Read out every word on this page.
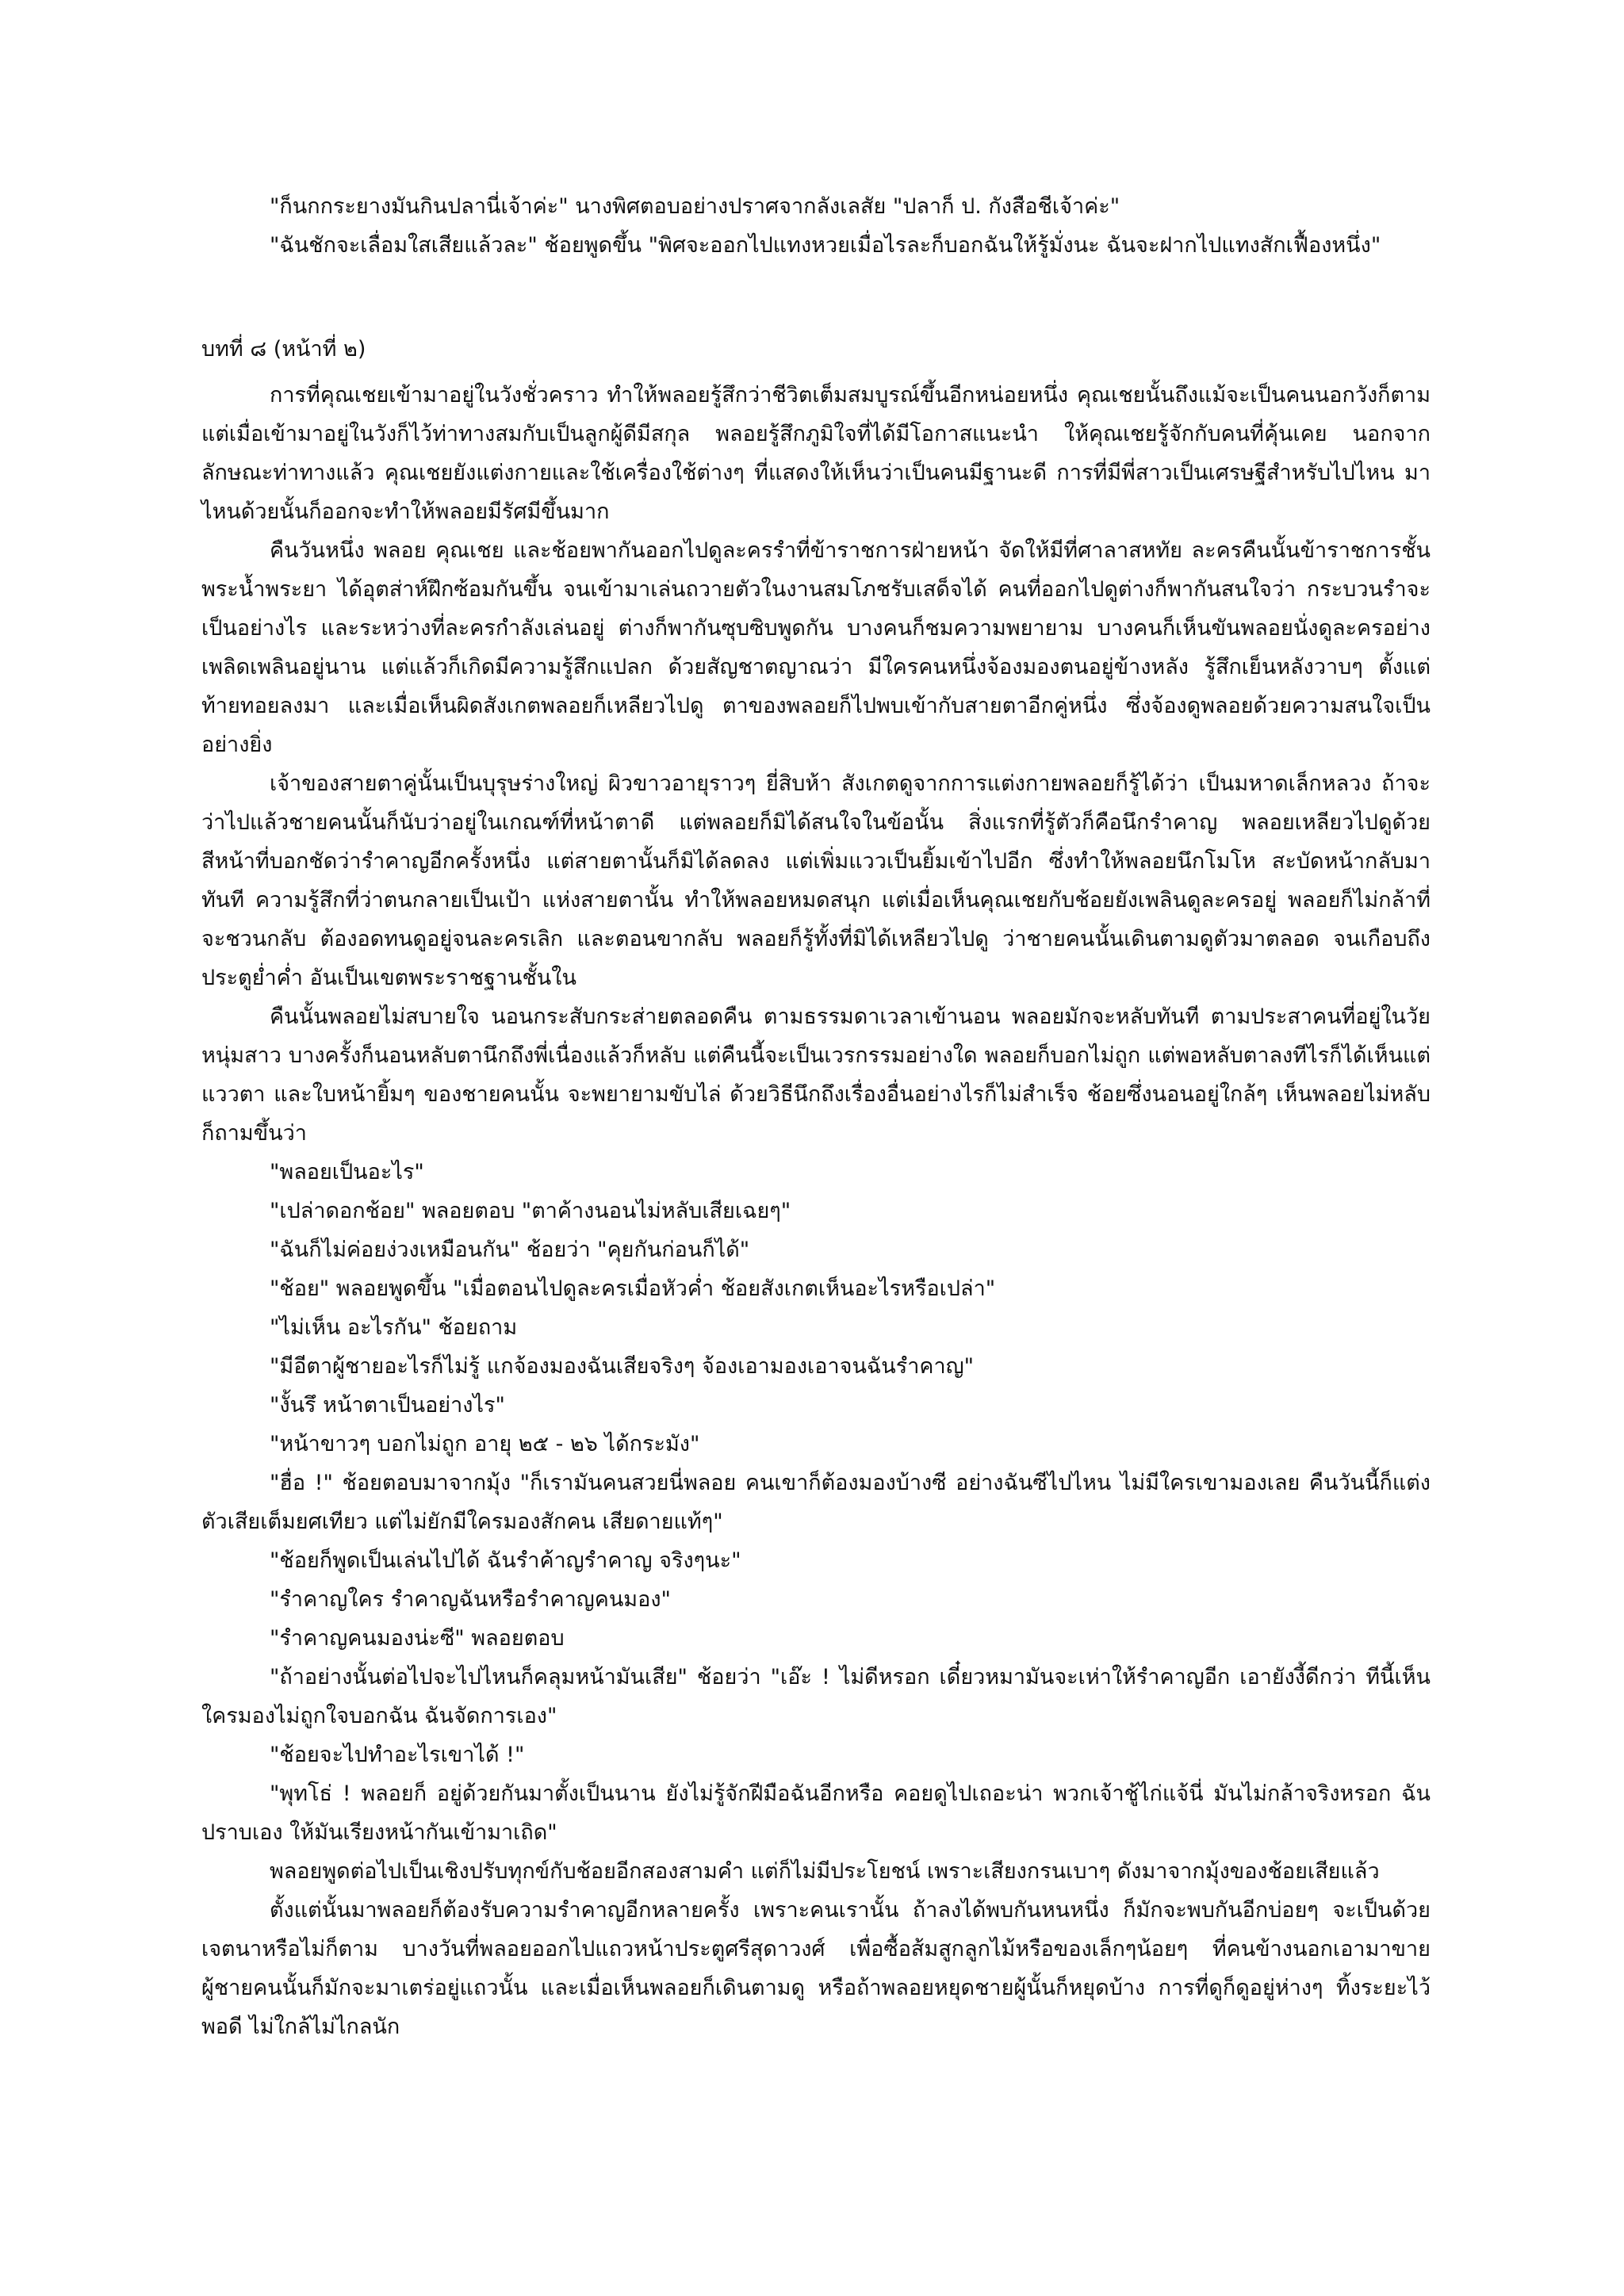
"ก็นกกระยางมันกินปลานี่เจ้าค่ะ" นางพิศตอบอย่างปราศจากลังเลสัย "ปลาก็ ป. กังสือชีเจ้าค่ะ"

"ฉันชักจะเลื่อมใสเสียแล้วละ" ช้อยพูดขึ้น "พิศจะออกไปแทงหวยเมื่อไรละก็บอกฉันให้รู้มั่งนะ ฉันจะฝากไปแทงสักเฟื้องหนึ่ง"

บทที่ ๘ (หน้าที่ ๒)

การที่คุณเชยเข้ามาอยู่ในวังชั่วคราว ทำให้พลอยรู้สึกว่าชีวิตเต็มสมบูรณ์ขึ้นอีกหน่อยหนึ่ง คุณเชยนั้นถึงแม้จะเป็นคนนอกวังก็ตาม แต่เมื่อเข้ามาอยู่ในวังก็ไว้ท่าทางสมกับเป็นลูกผู้ดีมีสกุล พลอยรู้สึกภูมิใจที่ได้มีโอกาสแนะนำ ให้คุณเชยรู้จักกับคนที่คุ้นเคย นอกจากลักษณะท่าทางแล้ว คุณเชยยังแต่งกายและใช้เครื่องใช้ต่างๆ ที่แสดงให้เห็นว่าเป็นคนมีฐานะดี การที่มีพี่สาวเป็นเศรษฐีสำหรับไปไหน มาไหนด้วยนั้นก็ออกจะทำให้พลอยมีรัศมีขึ้นมาก

คืนวันหนึ่ง พลอย คุณเชย และช้อยพากันออกไปดูละครรำที่ข้าราชการฝ่ายหน้า จัดให้มีที่ศาลาสหทัย ละครคืนนั้นข้าราชการชั้นพระน้ำพระยา ได้อุตส่าห์ฝึกซ้อมกันขึ้น จนเข้ามาเล่นถวายตัวในงานสมโภชรับเสด็จได้ คนที่ออกไปดูต่างก็พากันสนใจว่า กระบวนรำจะเป็นอย่างไร และระหว่างที่ละครกำลังเล่นอยู่ ต่างก็พากันซุบซิบพูดกัน บางคนก็ชมความพยายาม บางคนก็เห็นขันพลอยนั่งดูละครอย่างเพลิดเพลินอยู่นาน แต่แล้วก็เกิดมีความรู้สึกแปลก ด้วยสัญชาตญาณว่า มีใครคนหนึ่งจ้องมองตนอยู่ข้างหลัง รู้สึกเย็นหลังวาบๆ ตั้งแต่ท้ายทอยลงมา และเมื่อเห็นผิดสังเกตพลอยก็เหลียวไปดู ตาของพลอยก็ไปพบเข้ากับสายตาอีกคู่หนึ่ง ซึ่งจ้องดูพลอยด้วยความสนใจเป็นอย่างยิ่ง

เจ้าของสายตาคู่นั้นเป็นบุรุษร่างใหญ่ ผิวขาวอายุราวๆ ยี่สิบห้า สังเกตดูจากการแต่งกายพลอยก็รู้ได้ว่า เป็นมหาดเล็กหลวง ถ้าจะว่าไปแล้วชายคนนั้นก็นับว่าอยู่ในเกณฑ์ที่หน้าตาดี แต่พลอยก็มิได้สนใจในข้อนั้น สิ่งแรกที่รู้ตัวก็คือนึกรำคาญ พลอยเหลียวไปดูด้วยสีหน้าที่บอกชัดว่ารำคาญอีกครั้งหนึ่ง แต่สายตานั้นก็มิได้ลดลง แต่เพิ่มแววเป็นยิ้มเข้าไปอีก ซึ่งทำให้พลอยนึกโมโห สะบัดหน้ากลับมาทันที ความรู้สึกที่ว่าตนกลายเป็นเป้า แห่งสายตานั้น ทำให้พลอยหมดสนุก แต่เมื่อเห็นคุณเชยกับช้อยยังเพลินดูละครอยู่ พลอยก็ไม่กล้าที่จะชวนกลับ ต้องอดทนดูอยู่จนละครเลิก และตอนขากลับ พลอยก็รู้ทั้งที่มิได้เหลียวไปดู ว่าชายคนนั้นเดินตามดูตัวมาตลอด จนเกือบถึงประตูย่ำค่ำ อันเป็นเขตพระราชฐานชั้นใน

คืนนั้นพลอยไม่สบายใจ นอนกระสับกระส่ายตลอดคืน ตามธรรมดาเวลาเข้านอน พลอยมักจะหลับทันที ตามประสาคนที่อยู่ในวัยหนุ่มสาว บางครั้งก็นอนหลับตานึกถึงพี่เนื่องแล้วก็หลับ แต่คืนนี้จะเป็นเวรกรรมอย่างใด พลอยก็บอกไม่ถูก แต่พอหลับตาลงทีไรก็ได้เห็นแต่แววตา และใบหน้ายิ้มๆ ของชายคนนั้น จะพยายามขับไล่ ด้วยวิธีนึกถึงเรื่องอื่นอย่างไรก็ไม่สำเร็จ ช้อยซึ่งนอนอยู่ใกล้ๆ เห็นพลอยไม่หลับก็ถามขึ้นว่า

"พลอยเป็นอะไร"

"เปล่าดอกช้อย" พลอยตอบ "ตาค้างนอนไม่หลับเสียเฉยๆ"

"ฉันก็ไม่ค่อยง่วงเหมือนกัน" ช้อยว่า "คุยกันก่อนก็ได้"

"ช้อย" พลอยพูดขึ้น "เมื่อตอนไปดูละครเมื่อหัวค่ำ ช้อยสังเกตเห็นอะไรหรือเปล่า"

"ไม่เห็น อะไรกัน" ช้อยถาม

"มีอีตาผู้ชายอะไรก็ไม่รู้ แกจ้องมองฉันเสียจริงๆ จ้องเอามองเอาจนฉันรำคาญ"

"งั้นรึ หน้าตาเป็นอย่างไร"

"หน้าขาวๆ บอกไม่ถูก อายุ ๒๕ - ๒๖ ได้กระมัง"

"ฮื่อ !" ช้อยตอบมาจากมุ้ง "ก็เรามันคนสวยนี่พลอย คนเขาก็ต้องมองบ้างซี อย่างฉันซีไปไหน ไม่มีใครเขามองเลย คืนวันนี้ก็แต่งตัวเสียเต็มยศเทียว แต่ไม่ยักมีใครมองสักคน เสียดายแท้ๆ"

"ช้อยก็พูดเป็นเล่นไปได้ ฉันรำค้าญรำคาญ จริงๆนะ"

"รำคาญใคร รำคาญฉันหรือรำคาญคนมอง"

"รำคาญคนมองน่ะซี" พลอยตอบ

"ถ้าอย่างนั้นต่อไปจะไปไหนก็คลุมหน้ามันเสีย" ช้อยว่า "เอ๊ะ ! ไม่ดีหรอก เดี๋ยวหมามันจะเห่าให้รำคาญอีก เอายังงี้ดีกว่า ทีนี้เห็นใครมองไม่ถูกใจบอกฉัน ฉันจัดการเอง"

"ช้อยจะไปทำอะไรเขาได้ !"

"พุทโธ่ ! พลอยก็ อยู่ด้วยกันมาตั้งเป็นนาน ยังไม่รู้จักฝีมือฉันอีกหรือ คอยดูไปเถอะน่า พวกเจ้าชู้ไก่แจ้นี่ มันไม่กล้าจริงหรอก ฉันปราบเอง ให้มันเรียงหน้ากันเข้ามาเถิด"

พลอยพูดต่อไปเป็นเชิงปรับทุกข์กับช้อยอีกสองสามคำ แต่ก็ไม่มีประโยชน์ เพราะเสียงกรนเบาๆ ดังมาจากมุ้งของช้อยเสียแล้ว

ตั้งแต่นั้นมาพลอยก็ต้องรับความรำคาญอีกหลายครั้ง เพราะคนเรานั้น ถ้าลงได้พบกันหนหนึ่ง ก็มักจะพบกันอีกบ่อยๆ จะเป็นด้วยเจตนาหรือไม่ก็ตาม บางวันที่พลอยออกไปแถวหน้าประตูศรีสุดาวงศ์ เพื่อซื้อส้มสูกลูกไม้หรือของเล็กๆน้อยๆ ที่คนข้างนอกเอามาขาย ผู้ชายคนนั้นก็มักจะมาเตร่อยู่แถวนั้น และเมื่อเห็นพลอยก็เดินตามดู หรือถ้าพลอยหยุดชายผู้นั้นก็หยุดบ้าง การที่ดูก็ดูอยู่ห่างๆ ทิ้งระยะไว้พอดี ไม่ใกล้ไม่ไกลนัก
